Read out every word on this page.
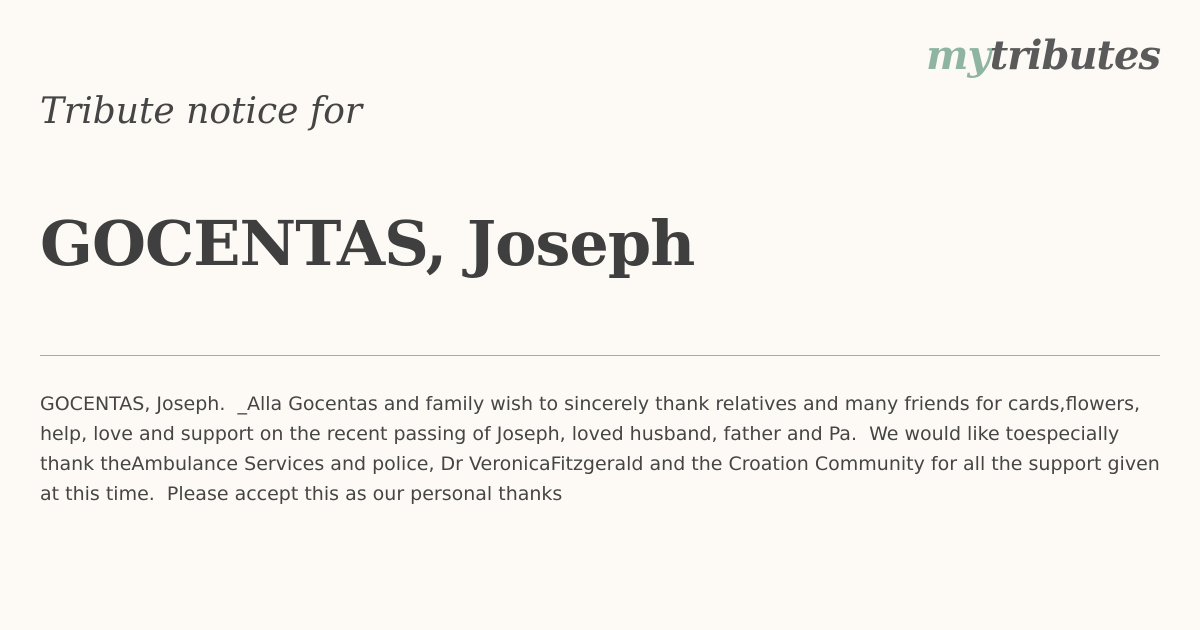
mytributes
Tribute notice for
GOCENTAS, Joseph

GOCENTAS, Joseph.  _Alla Gocentas and family wish to sincerely thank relatives and many friends for cards,flowers, help, love and support on the recent passing of Joseph, loved husband, father and Pa.  We would like toespecially thank theAmbulance Services and police, Dr VeronicaFitzgerald and the Croation Community for all the support given at this time.  Please accept this as our personal thanks
